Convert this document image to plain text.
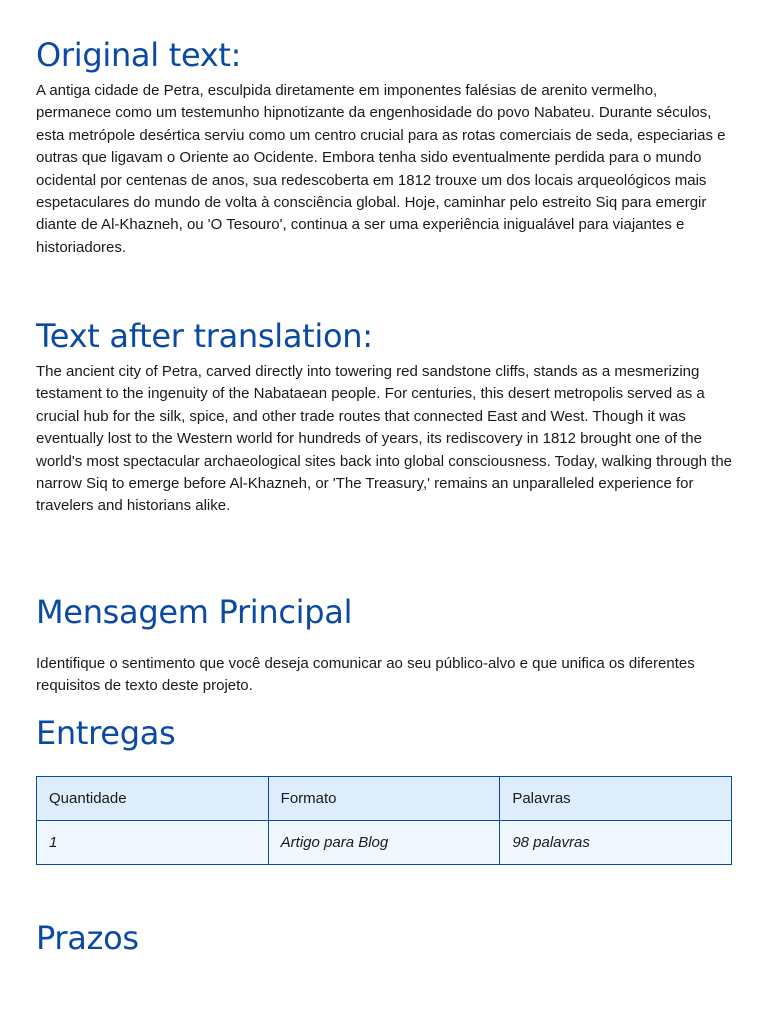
Original text:

A antiga cidade de Petra, esculpida diretamente em imponentes falésias de arenito vermelho, permanece como um testemunho hipnotizante da engenhosidade do povo Nabateu. Durante séculos, esta metrópole desértica serviu como um centro crucial para as rotas comerciais de seda, especiarias e outras que ligavam o Oriente ao Ocidente. Embora tenha sido eventualmente perdida para o mundo ocidental por centenas de anos, sua redescoberta em 1812 trouxe um dos locais arqueológicos mais espetaculares do mundo de volta à consciência global. Hoje, caminhar pelo estreito Siq para emergir diante de Al-Khazneh, ou 'O Tesouro', continua a ser uma experiência inigualável para viajantes e historiadores.

Text after translation:

The ancient city of Petra, carved directly into towering red sandstone cliffs, stands as a mesmerizing testament to the ingenuity of the Nabataean people. For centuries, this desert metropolis served as a crucial hub for the silk, spice, and other trade routes that connected East and West. Though it was eventually lost to the Western world for hundreds of years, its rediscovery in 1812 brought one of the world's most spectacular archaeological sites back into global consciousness. Today, walking through the narrow Siq to emerge before Al-Khazneh, or 'The Treasury,' remains an unparalleled experience for travelers and historians alike.

Mensagem Principal

Identifique o sentimento que você deseja comunicar ao seu público-alvo e que unifica os diferentes requisitos de texto deste projeto.

Entregas
Quantidade	Formato	Palavras
1	Artigo para Blog	98 palavras
Prazos
